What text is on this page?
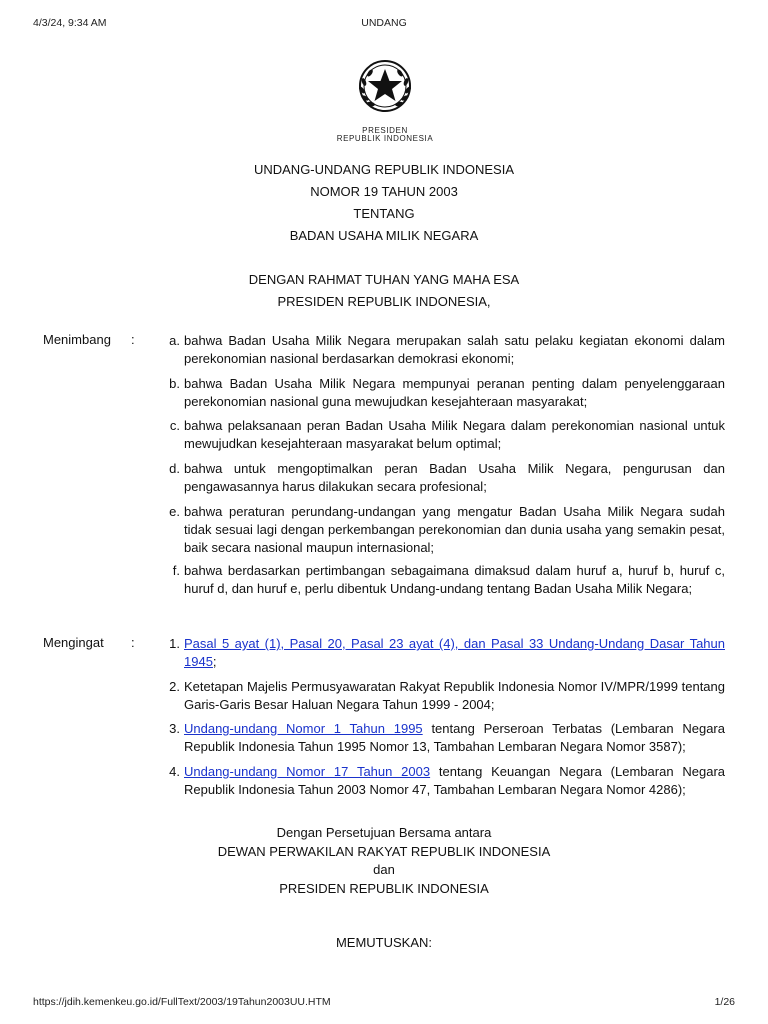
4/3/24, 9:34 AM	UNDANG
PRESIDEN
REPUBLIK INDONESIA
UNDANG-UNDANG REPUBLIK INDONESIA
NOMOR 19 TAHUN 2003
TENTANG
BADAN USAHA MILIK NEGARA
DENGAN RAHMAT TUHAN YANG MAHA ESA
PRESIDEN REPUBLIK INDONESIA,
Menimbang :	a. bahwa Badan Usaha Milik Negara merupakan salah satu pelaku kegiatan ekonomi dalam perekonomian nasional berdasarkan demokrasi ekonomi;
b. bahwa Badan Usaha Milik Negara mempunyai peranan penting dalam penyelenggaraan perekonomian nasional guna mewujudkan kesejahteraan masyarakat;
c. bahwa pelaksanaan peran Badan Usaha Milik Negara dalam perekonomian nasional untuk mewujudkan kesejahteraan masyarakat belum optimal;
d. bahwa untuk mengoptimalkan peran Badan Usaha Milik Negara, pengurusan dan pengawasannya harus dilakukan secara profesional;
e. bahwa peraturan perundang-undangan yang mengatur Badan Usaha Milik Negara sudah tidak sesuai lagi dengan perkembangan perekonomian dan dunia usaha yang semakin pesat, baik secara nasional maupun internasional;
f. bahwa berdasarkan pertimbangan sebagaimana dimaksud dalam huruf a, huruf b, huruf c, huruf d, dan huruf e, perlu dibentuk Undang-undang tentang Badan Usaha Milik Negara;
Mengingat :	1. Pasal 5 ayat (1), Pasal 20, Pasal 23 ayat (4), dan Pasal 33 Undang-Undang Dasar Tahun 1945;
2. Ketetapan Majelis Permusyawaratan Rakyat Republik Indonesia Nomor IV/MPR/1999 tentang Garis-Garis Besar Haluan Negara Tahun 1999 - 2004;
3. Undang-undang Nomor 1 Tahun 1995 tentang Perseroan Terbatas (Lembaran Negara Republik Indonesia Tahun 1995 Nomor 13, Tambahan Lembaran Negara Nomor 3587);
4. Undang-undang Nomor 17 Tahun 2003 tentang Keuangan Negara (Lembaran Negara Republik Indonesia Tahun 2003 Nomor 47, Tambahan Lembaran Negara Nomor 4286);
Dengan Persetujuan Bersama antara
DEWAN PERWAKILAN RAKYAT REPUBLIK INDONESIA
dan
PRESIDEN REPUBLIK INDONESIA
MEMUTUSKAN:
https://jdih.kemenkeu.go.id/FullText/2003/19Tahun2003UU.HTM	1/26
